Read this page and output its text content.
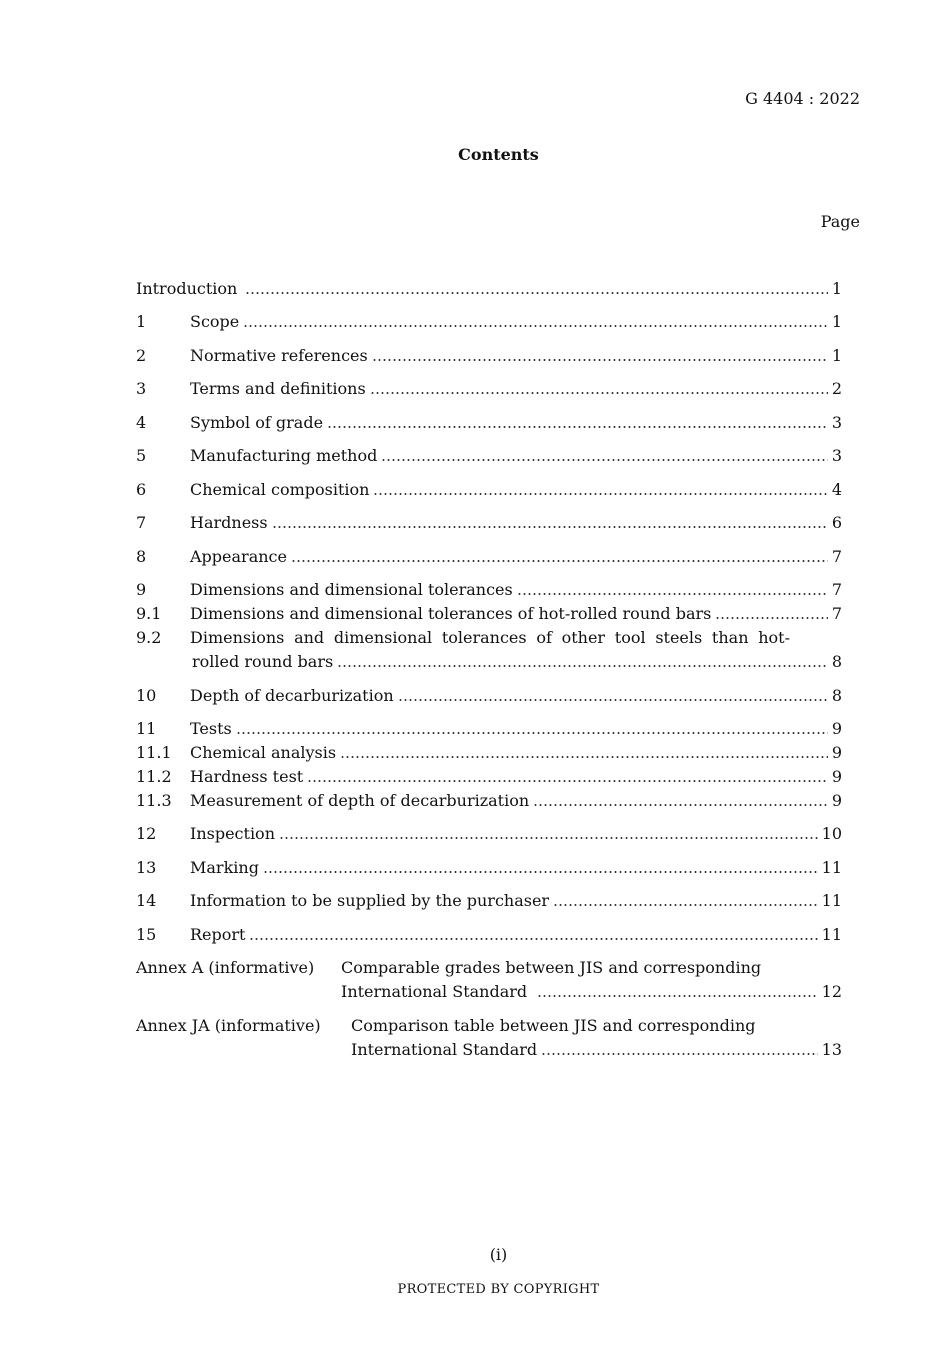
G 4404 : 2022
Contents
Page
Introduction	1
1	Scope	1
2	Normative references	1
3	Terms and definitions	2
4	Symbol of grade	3
5	Manufacturing method	3
6	Chemical composition	4
7	Hardness	6
8	Appearance	7
9	Dimensions and dimensional tolerances	7
9.1 Dimensions and dimensional tolerances of hot-rolled round bars	7
9.2 Dimensions and dimensional tolerances of other tool steels than hot-
rolled round bars	8
10 Depth of decarburization	8
11 Tests	9
11.1 Chemical analysis	9
11.2 Hardness test	9
11.3 Measurement of depth of decarburization	9
12 Inspection	10
13 Marking	11
14 Information to be supplied by the purchaser	11
15 Report	11
Annex A (informative) Comparable grades between JIS and corresponding
International Standard	12
Annex JA (informative) Comparison table between JIS and corresponding
International Standard	13
(i)
PROTECTED BY COPYRIGHT
